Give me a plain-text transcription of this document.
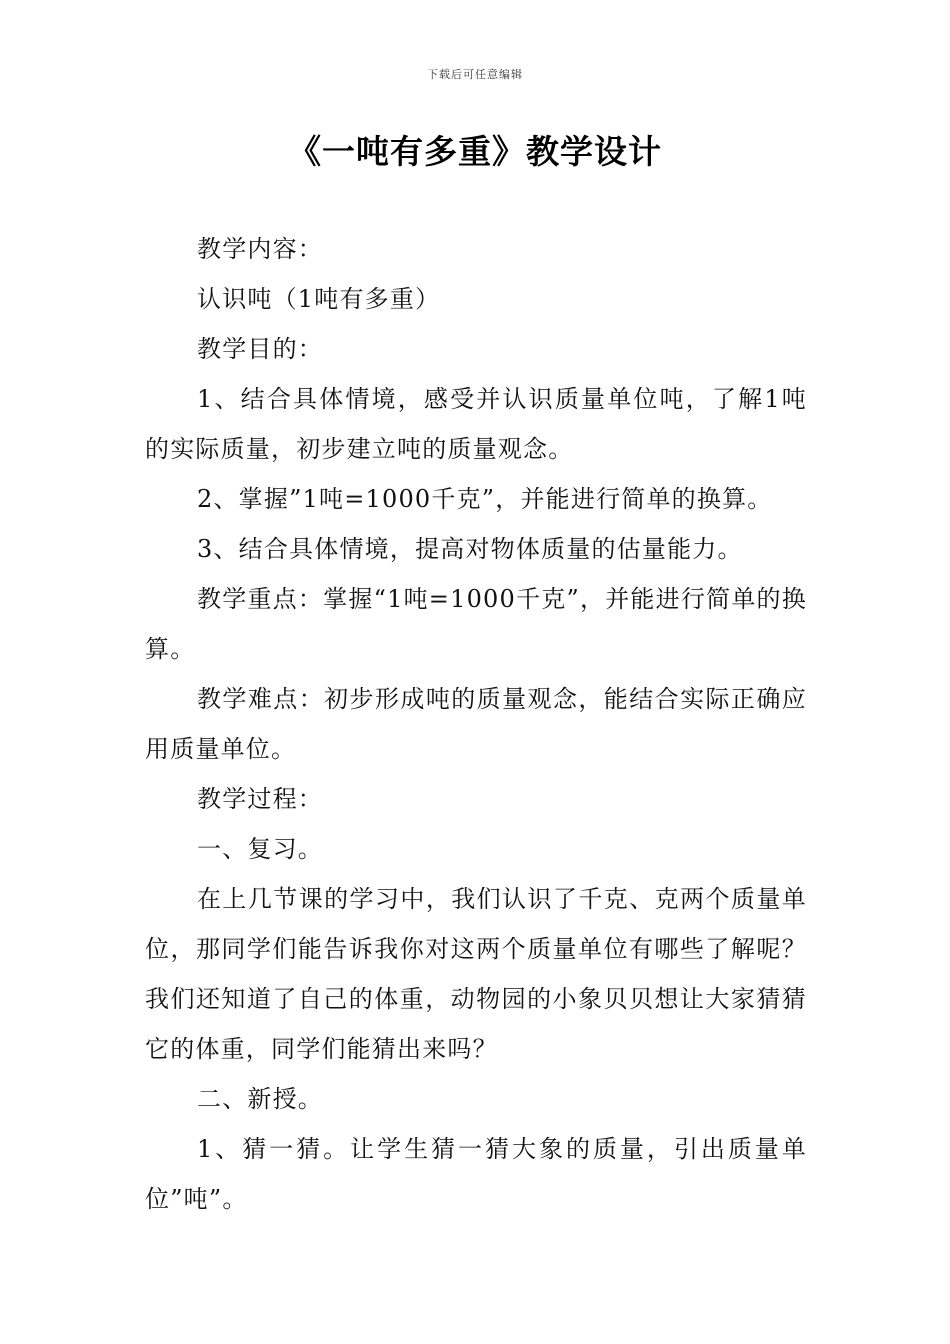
下载后可任意编辑
《一吨有多重》教学设计

教学内容：

认识吨（1吨有多重）

教学目的：

1、结合具体情境，感受并认识质量单位吨，了解1吨的实际质量，初步建立吨的质量观念。

2、掌握”1吨=1000千克”，并能进行简单的换算。

3、结合具体情境，提高对物体质量的估量能力。

教学重点：掌握“1吨=1000千克”，并能进行简单的换算。

教学难点：初步形成吨的质量观念，能结合实际正确应用质量单位。

教学过程：

一、复习。

在上几节课的学习中，我们认识了千克、克两个质量单位，那同学们能告诉我你对这两个质量单位有哪些了解呢？我们还知道了自己的体重，动物园的小象贝贝想让大家猜猜它的体重，同学们能猜出来吗？

二、新授。

1、猜一猜。让学生猜一猜大象的质量，引出质量单位”吨”。
